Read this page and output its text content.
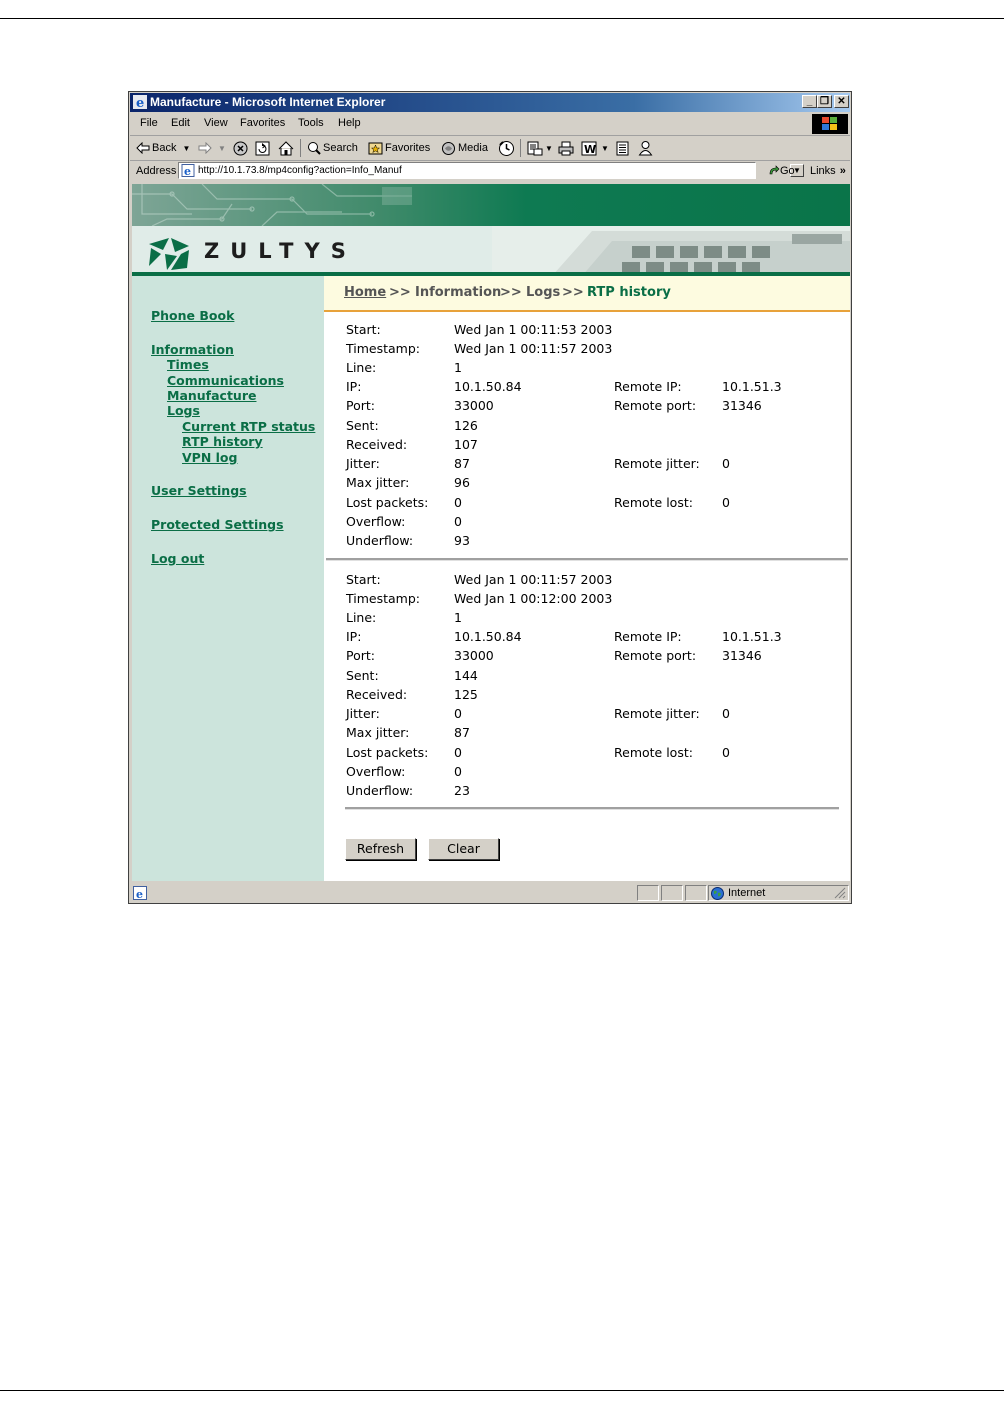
e Manufacture - Microsoft Internet Explorer	_ ❐ ✕
File Edit View Favorites Tools Help
Back ▼	▼	Search Favorites	Media	▼	W ▼
Address e http://10.1.73.8/mp4config?action=Info_Manuf	▼
Go Links »
ZULTYS
Phone Book
Information
Times
Communications
Manufacture
Logs
Current RTP status
RTP history
VPN log
User Settings
Protected Settings
Log out
Home >> Information
>> Logs >> RTP history
Start:	Wed Jan 1 00:11:53 2003
Timestamp:	Wed Jan 1 00:11:57 2003
Line:	1
IP:	10.1.50.84	Remote IP:	10.1.51.3
Port:	33000	Remote port: 31346
Sent:	126
Received:	107
Jitter:	87	Remote jitter: 0
Max jitter:	96
Lost packets: 0	Remote lost: 0
Overflow:	0
Underflow:	93
Start:	Wed Jan 1 00:11:57 2003
Timestamp:	Wed Jan 1 00:12:00 2003
Line:	1
IP:	10.1.50.84	Remote IP:	10.1.51.3
Port:	33000	Remote port: 31346
Sent:	144
Received:	125
Jitter:	0	Remote jitter: 0
Max jitter:	87
Lost packets: 0	Remote lost: 0
Overflow:	0
Underflow:	23
Refresh	Clear
e	Internet
